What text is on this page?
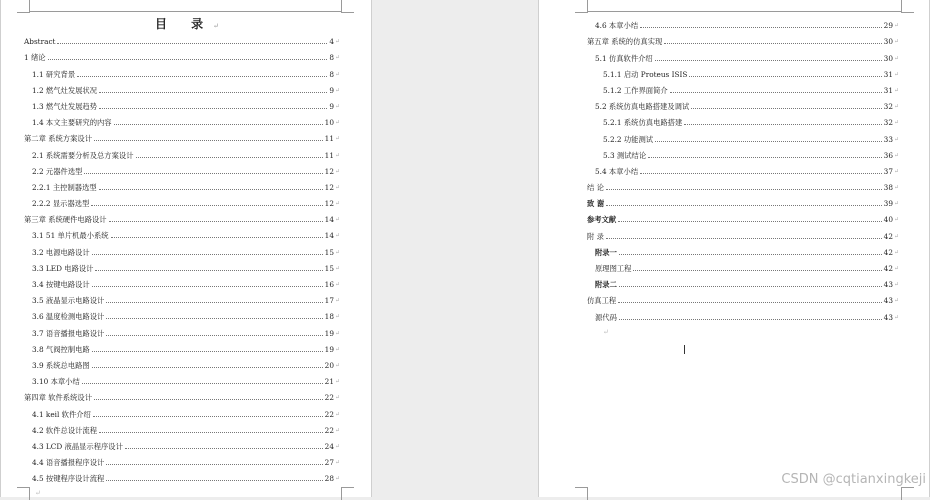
目 录↵
Abstract	4 ↵
1 绪论	8 ↵
1.1 研究背景	8 ↵
1.2 燃气灶发展状况	9 ↵
1.3 燃气灶发展趋势	9 ↵
1.4 本文主要研究的内容	10 ↵
第二章 系统方案设计	11 ↵
2.1 系统需要分析及总方案设计	11 ↵
2.2 元器件选型	12 ↵
2.2.1 主控制器选型	12 ↵
2.2.2 显示器选型	12 ↵
第三章 系统硬件电路设计	14 ↵
3.1 51 单片机最小系统	14 ↵
3.2 电源电路设计	15 ↵
3.3 LED 电路设计	15 ↵
3.4 按键电路设计	16 ↵
3.5 液晶显示电路设计	17 ↵
3.6 温度检测电路设计	18 ↵
3.7 语音播报电路设计	19 ↵
3.8 气阀控制电路	19 ↵
3.9 系统总电路图	20 ↵
3.10 本章小结	21 ↵
第四章 软件系统设计	22 ↵
4.1 keil 软件介绍	22 ↵
4.2 软件总设计流程	22 ↵
4.3 LCD 液晶显示程序设计	24 ↵
4.4 语音播报程序设计	27 ↵
4.5 按键程序设计流程	28 ↵
↵
4.6 本章小结	29 ↵
第五章 系统的仿真实现	30 ↵
5.1 仿真软件介绍	30 ↵
5.1.1 启动 Proteus ISIS	31 ↵
5.1.2 工作界面简介	31 ↵
5.2 系统仿真电路搭建及调试	32 ↵
5.2.1 系统仿真电路搭建	32 ↵
5.2.2 功能测试	33 ↵
5.3 测试结论	36 ↵
5.4 本章小结	37 ↵
结 论	38 ↵
致 谢	39 ↵
参考文献	40 ↵
附 录	42 ↵
附录一	42 ↵
原理图工程	42 ↵
附录二	43 ↵
仿真工程	43 ↵
源代码	43 ↵
↵
CSDN @cqtianxingkeji
